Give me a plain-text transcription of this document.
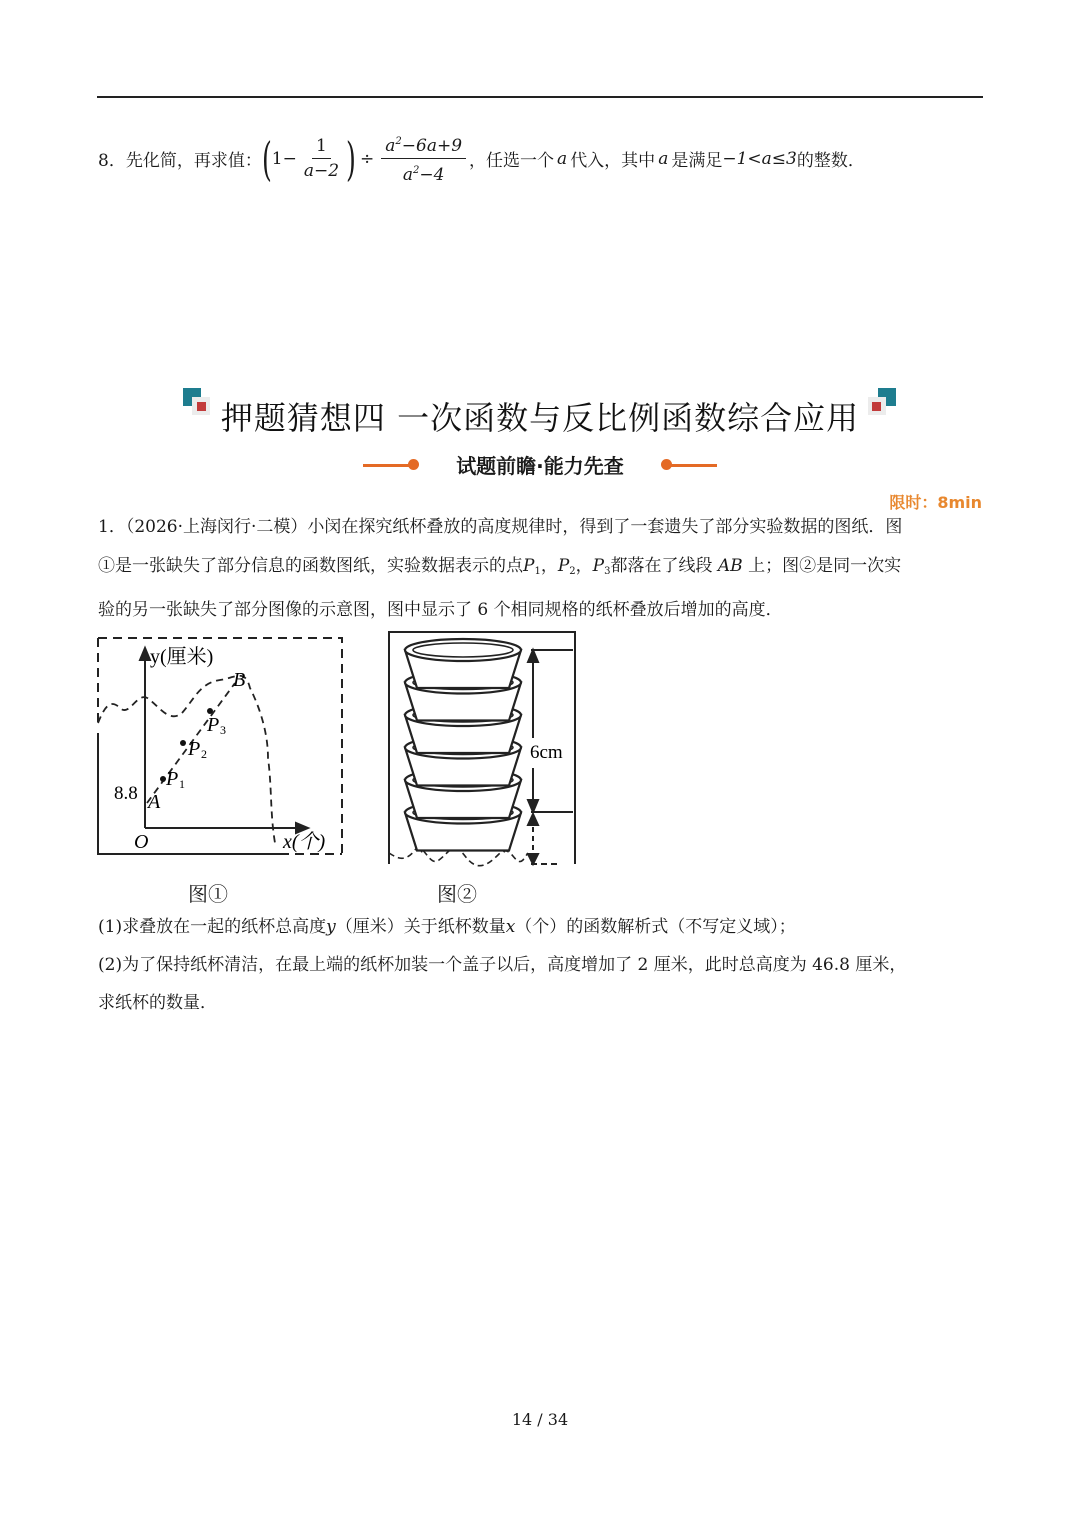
8．先化简，再求值： ( $1 - \frac{1}{a-2}$ ) ÷ $\frac{a^2-6a+9}{a^2-4}$ ，任选一个 a 代入，其中 a 是满足 −1<a≤3 的整数．
押题猜想四 一次函数与反比例函数综合应用
试题前瞻·能力先查
限时：8min
1．（2026·上海闵行·二模）小闵在探究纸杯叠放的高度规律时，得到了一套遗失了部分实验数据的图纸．图
①是一张缺失了部分信息的函数图纸，实验数据表示的点$P_1$，$P_2$，$P_3$都落在了线段 AB 上；图②是同一次实
验的另一张缺失了部分图像的示意图，图中显示了 6 个相同规格的纸杯叠放后增加的高度．
y(厘米)
x(个)
O
A
B
8.8
P 1
P 2
P 3
图①
6cm
图②
(1)求叠放在一起的纸杯总高度y（厘米）关于纸杯数量x（个）的函数解析式（不写定义域）；
(2)为了保持纸杯清洁，在最上端的纸杯加装一个盖子以后，高度增加了 2 厘米，此时总高度为 46.8 厘米，
求纸杯的数量．
14 / 34
